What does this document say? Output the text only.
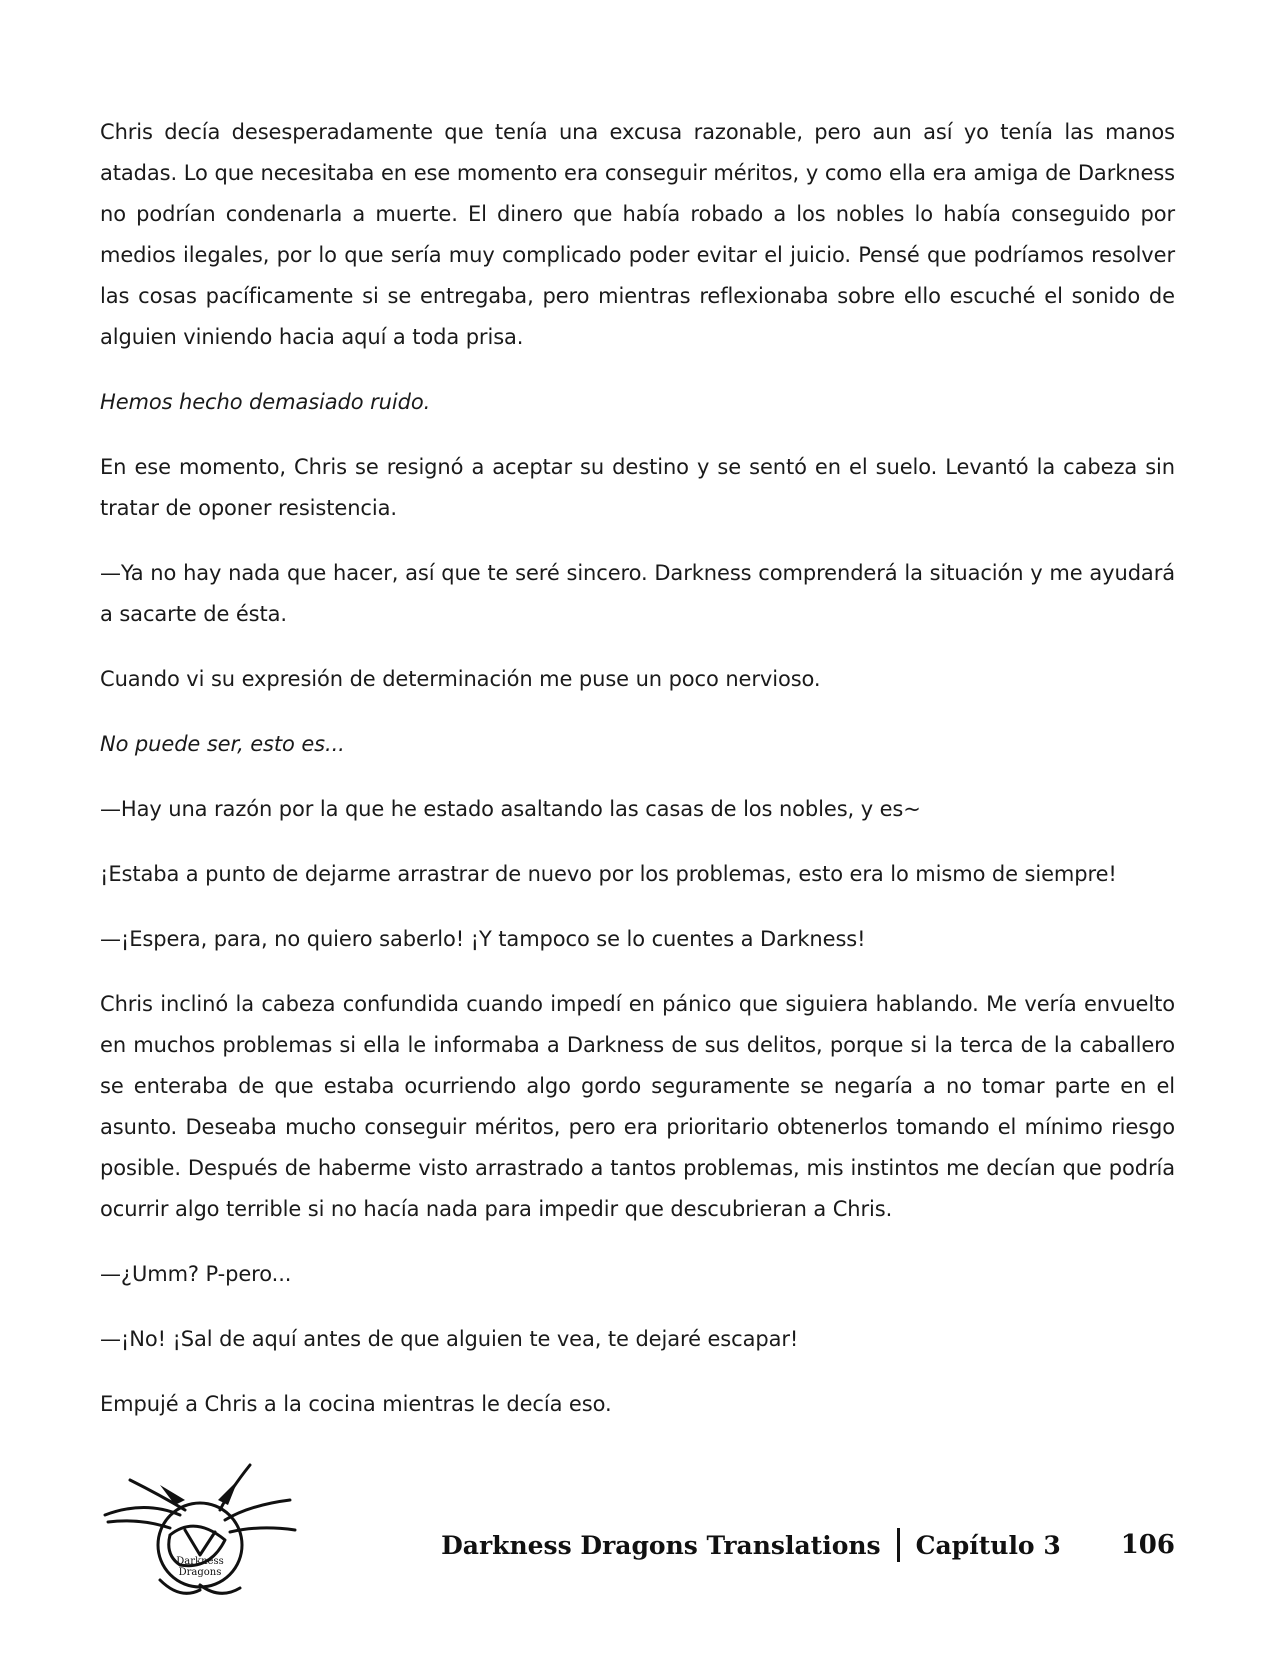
Chris decía desesperadamente que tenía una excusa razonable, pero aun así yo tenía las manos atadas. Lo que necesitaba en ese momento era conseguir méritos, y como ella era amiga de Darkness no podrían condenarla a muerte. El dinero que había robado a los nobles lo había conseguido por medios ilegales, por lo que sería muy complicado poder evitar el juicio. Pensé que podríamos resolver las cosas pacíficamente si se entregaba, pero mientras reflexionaba sobre ello escuché el sonido de alguien viniendo hacia aquí a toda prisa.

Hemos hecho demasiado ruido.

En ese momento, Chris se resignó a aceptar su destino y se sentó en el suelo. Levantó la cabeza sin tratar de oponer resistencia.

—Ya no hay nada que hacer, así que te seré sincero. Darkness comprenderá la situación y me ayudará a sacarte de ésta.

Cuando vi su expresión de determinación me puse un poco nervioso.

No puede ser, esto es...

—Hay una razón por la que he estado asaltando las casas de los nobles, y es~

¡Estaba a punto de dejarme arrastrar de nuevo por los problemas, esto era lo mismo de siempre!

—¡Espera, para, no quiero saberlo! ¡Y tampoco se lo cuentes a Darkness!

Chris inclinó la cabeza confundida cuando impedí en pánico que siguiera hablando. Me vería envuelto en muchos problemas si ella le informaba a Darkness de sus delitos, porque si la terca de la caballero se enteraba de que estaba ocurriendo algo gordo seguramente se negaría a no tomar parte en el asunto. Deseaba mucho conseguir méritos, pero era prioritario obtenerlos tomando el mínimo riesgo posible. Después de haberme visto arrastrado a tantos problemas, mis instintos me decían que podría ocurrir algo terrible si no hacía nada para impedir que descubrieran a Chris.

—¿Umm? P-pero...

—¡No! ¡Sal de aquí antes de que alguien te vea, te dejaré escapar!

Empujé a Chris a la cocina mientras le decía eso.

Darkness
Dragons
Darkness Dragons Translations Capítulo 3 106
